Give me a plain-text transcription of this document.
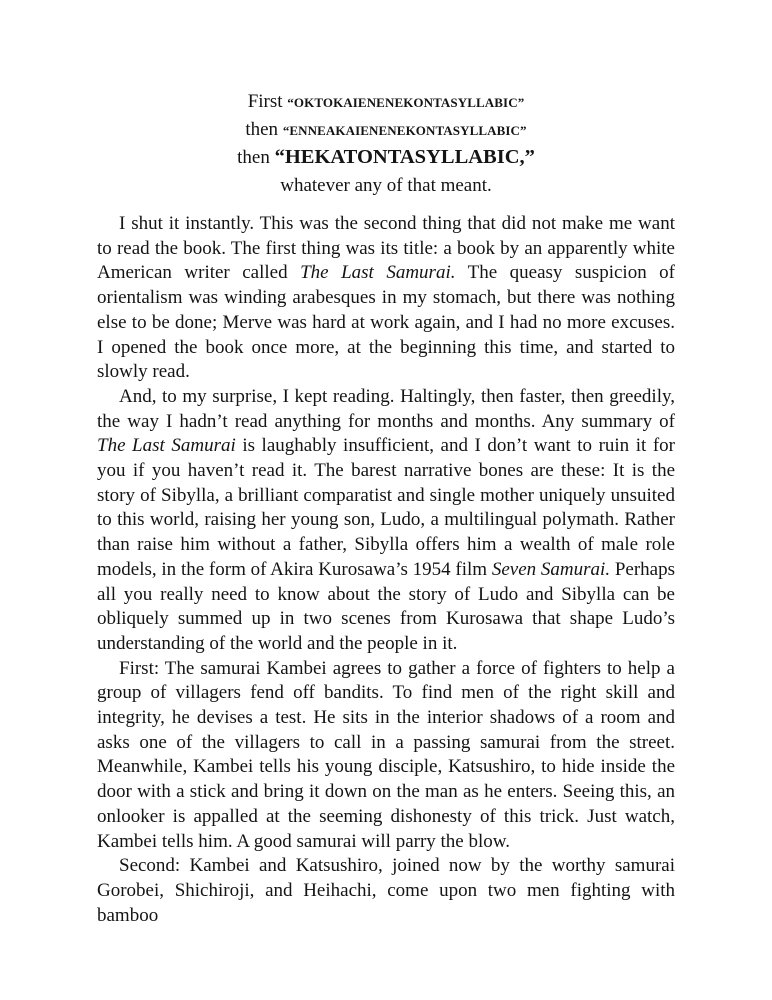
First “OKTOKAIENENEKONTASYLLABIC”
then “ENNEAKAIENENEKONTASYLLABIC”
then “HEKATONTASYLLABIC,”
whatever any of that meant.

I shut it instantly. This was the second thing that did not make me want to read the book. The first thing was its title: a book by an apparently white American writer called The Last Samurai. The queasy suspicion of orientalism was winding arabesques in my stomach, but there was nothing else to be done; Merve was hard at work again, and I had no more excuses. I opened the book once more, at the beginning this time, and started to slowly read.

And, to my surprise, I kept reading. Haltingly, then faster, then greedily, the way I hadn’t read anything for months and months. Any summary of The Last Samurai is laughably insufficient, and I don’t want to ruin it for you if you haven’t read it. The barest narrative bones are these: It is the story of Sibylla, a brilliant comparatist and single mother uniquely unsuited to this world, raising her young son, Ludo, a multilingual polymath. Rather than raise him without a father, Sibylla offers him a wealth of male role models, in the form of Akira Kurosawa’s 1954 film Seven Samurai. Perhaps all you really need to know about the story of Ludo and Sibylla can be obliquely summed up in two scenes from Kurosawa that shape Ludo’s understanding of the world and the people in it.

First: The samurai Kambei agrees to gather a force of fighters to help a group of villagers fend off bandits. To find men of the right skill and integrity, he devises a test. He sits in the interior shadows of a room and asks one of the villagers to call in a passing samurai from the street. Meanwhile, Kambei tells his young disciple, Katsushiro, to hide inside the door with a stick and bring it down on the man as he enters. Seeing this, an onlooker is appalled at the seeming dishonesty of this trick. Just watch, Kambei tells him. A good samurai will parry the blow.

Second: Kambei and Katsushiro, joined now by the worthy samurai Gorobei, Shichiroji, and Heihachi, come upon two men fighting with bamboo
